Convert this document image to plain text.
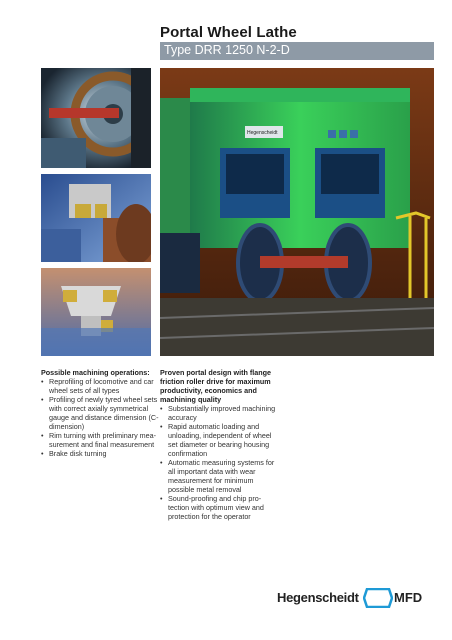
Portal Wheel Lathe
Type DRR 1250 N-2-D
Hegenscheidt
Possible machining operations:
• Reprofiling of locomotive and car wheel sets of all types
• Profiling of newly tyred wheel sets with correct axially symmetrical gauge and distance dimension (C-dimension)
• Rim turning with preliminary mea-surement and final measurement
• Brake disk turning
Proven portal design with flange friction roller drive for maximum productivity, economics and machining quality
• Substantially improved machining accuracy
• Rapid automatic loading and unloading, independent of wheel set diameter or bearing housing confirmation
• Automatic measuring systems for all important data with wear measurement for minimum possible metal removal
• Sound-proofing and chip pro-tection with optimum view and protection for the operator
Hegenscheidt	MFD
